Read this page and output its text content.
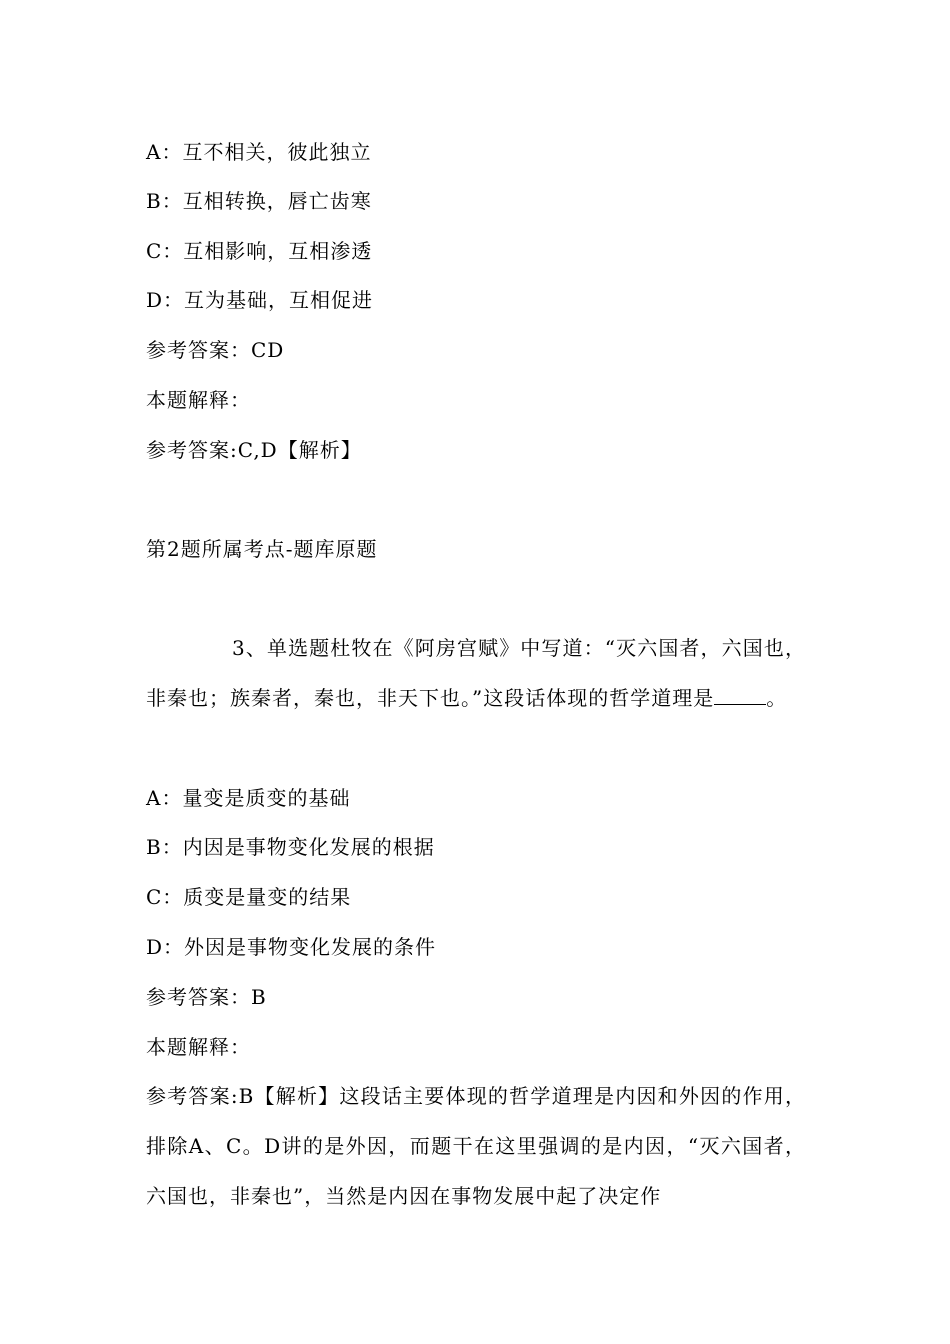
A：互不相关，彼此独立
B：互相转换，唇亡齿寒
C：互相影响，互相渗透
D：互为基础，互相促进
参考答案：CD
本题解释：
参考答案:C,D【解析】
第2题所属考点-题库原题
3、单选题杜牧在《阿房宫赋》中写道：“灭六国者，六国也，非秦也；族秦者，秦也，非天下也。”这段话体现的哲学道理是	。
A：量变是质变的基础
B：内因是事物变化发展的根据
C：质变是量变的结果
D：外因是事物变化发展的条件
参考答案：B
本题解释：
参考答案:B【解析】这段话主要体现的哲学道理是内因和外因的作用，排除A、C。D讲的是外因，而题干在这里强调的是内因，“灭六国者，六国也，非秦也”，当然是内因在事物发展中起了决定作
